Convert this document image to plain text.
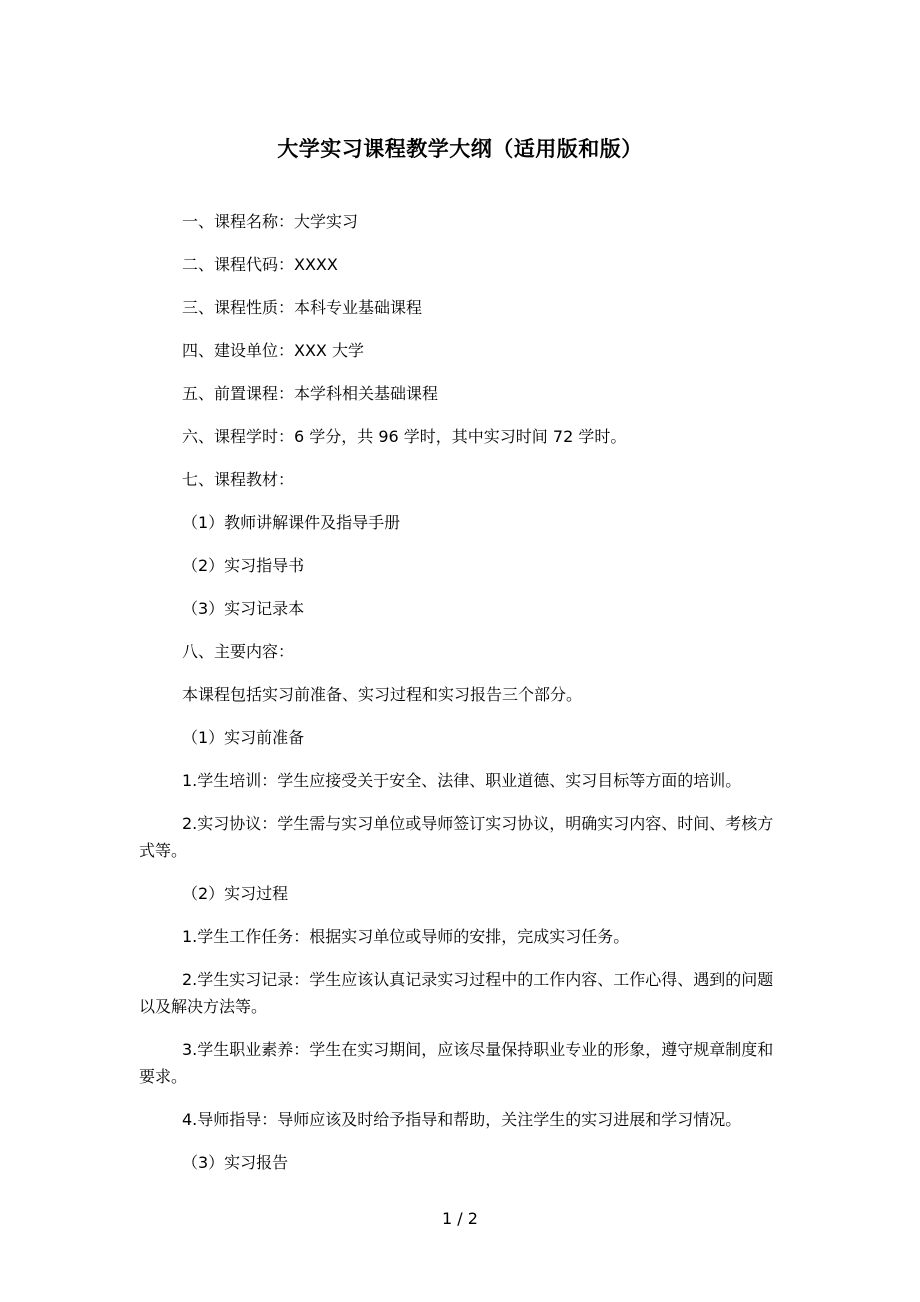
大学实习课程教学大纲（适用版和版）

一、课程名称：大学实习

二、课程代码：XXXX

三、课程性质：本科专业基础课程

四、建设单位：XXX 大学

五、前置课程：本学科相关基础课程

六、课程学时：6 学分，共 96 学时，其中实习时间 72 学时。

七、课程教材：

（1）教师讲解课件及指导手册

（2）实习指导书

（3）实习记录本

八、主要内容：

本课程包括实习前准备、实习过程和实习报告三个部分。

（1）实习前准备

1.学生培训：学生应接受关于安全、法律、职业道德、实习目标等方面的培训。

2.实习协议：学生需与实习单位或导师签订实习协议，明确实习内容、时间、考核方式等。

（2）实习过程

1.学生工作任务：根据实习单位或导师的安排，完成实习任务。

2.学生实习记录：学生应该认真记录实习过程中的工作内容、工作心得、遇到的问题以及解决方法等。

3.学生职业素养：学生在实习期间，应该尽量保持职业专业的形象，遵守规章制度和要求。

4.导师指导：导师应该及时给予指导和帮助，关注学生的实习进展和学习情况。

（3）实习报告

1 / 2
